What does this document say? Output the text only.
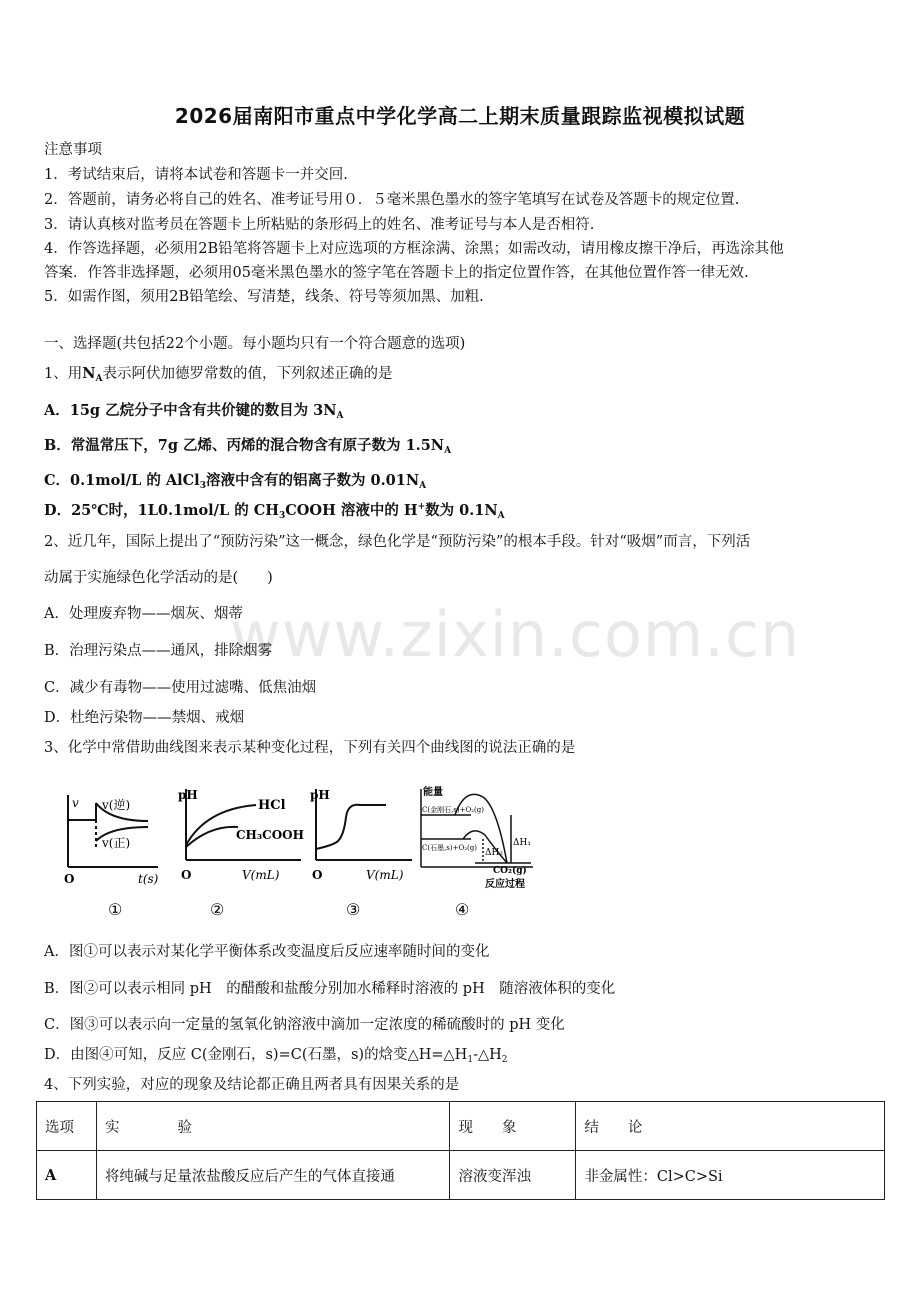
www.zixin.com.cn
2026届南阳市重点中学化学高二上期末质量跟踪监视模拟试题
注意事项
1．考试结束后，请将本试卷和答题卡一并交回.
2．答题前，请务必将自己的姓名、准考证号用０．５毫米黑色墨水的签字笔填写在试卷及答题卡的规定位置.
3．请认真核对监考员在答题卡上所粘贴的条形码上的姓名、准考证号与本人是否相符.
4．作答选择题，必须用2B铅笔将答题卡上对应选项的方框涂满、涂黑；如需改动，请用橡皮擦干净后，再选涂其他
答案．作答非选择题，必须用05毫米黑色墨水的签字笔在答题卡上的指定位置作答，在其他位置作答一律无效.
5．如需作图，须用2B铅笔绘、写清楚，线条、符号等须加黑、加粗.
一、选择题(共包括22个小题。每小题均只有一个符合题意的选项)
1、用$N_A$表示阿伏加德罗常数的值，下列叙述正确的是
A．15g 乙烷分子中含有共价键的数目为 $3N_A$
B．常温常压下，7g 乙烯、丙烯的混合物含有原子数为 $1.5N_A$
C．0.1mol/L 的 AlCl$_3$溶液中含有的铝离子数为 $0.01N_A$
D．25℃时，1L0.1mol/L 的 $CH_3COOH$ 溶液中的 H+数为 $0.1N_A$
2、近几年，国际上提出了“预防污染”这一概念，绿色化学是“预防污染”的根本手段。针对“吸烟”而言，下列活
动属于实施绿色化学活动的是(　　)
A．处理废弃物——烟灰、烟蒂
B．治理污染点——通风，排除烟雾
C．减少有毒物——使用过滤嘴、低焦油烟
D．杜绝污染物——禁烟、戒烟
3、化学中常借助曲线图来表示某种变化过程，下列有关四个曲线图的说法正确的是
v v(逆)
v(正)
O	t(s)
①
pH
HCl
CH₃COOH
O	V(mL)
②
pH
O	V(mL)
③
能量
C(金刚石,s)+O₂(g)
C(石墨,s)+O₂(g)	ΔH₁
ΔH₂
CO₂(g)
反应过程
④
A．图①可以表示对某化学平衡体系改变温度后反应速率随时间的变化
B．图②可以表示相同 pH　的醋酸和盐酸分别加水稀释时溶液的 pH　随溶液体积的变化
C．图③可以表示向一定量的氢氧化钠溶液中滴加一定浓度的稀硫酸时的 pH 变化
D．由图④可知，反应 C(金刚石，s)=C(石墨，s)的焓变$\triangle H=\triangle H_1-\triangle H_2$
4、下列实验，对应的现象及结论都正确且两者具有因果关系的是
选项	实　　　　验	现　　象	结　　论
A	将纯碱与足量浓盐酸反应后产生的气体直接通	溶液变浑浊	非金属性：Cl>C>Si
